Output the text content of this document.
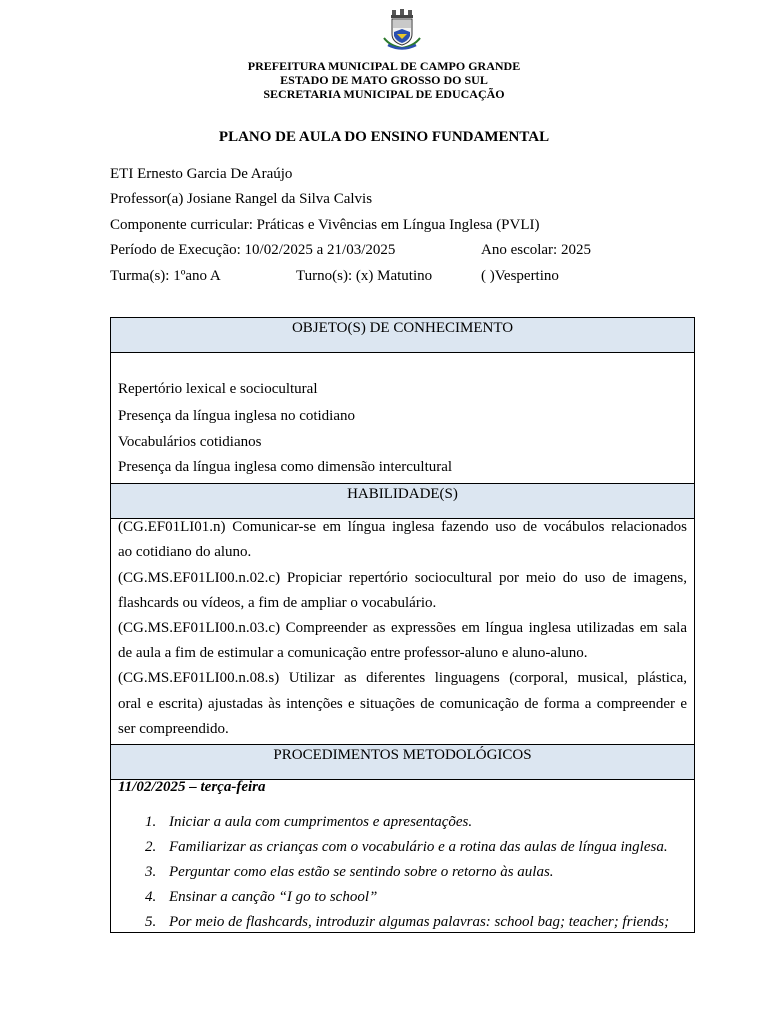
PREFEITURA MUNICIPAL DE CAMPO GRANDE
ESTADO DE MATO GROSSO DO SUL
SECRETARIA MUNICIPAL DE EDUCAÇÃO
PLANO DE AULA DO ENSINO FUNDAMENTAL
ETI Ernesto Garcia De Araújo
Professor(a) Josiane Rangel da Silva Calvis
Componente curricular: Práticas e Vivências em Língua Inglesa (PVLI)
Período de Execução: 10/02/2025 a 21/03/2025	Ano escolar: 2025
Turma(s): 1ºano A	Turno(s): (x) Matutino	( )Vespertino
OBJETO(S) DE CONHECIMENTO
Repertório lexical e sociocultural
Presença da língua inglesa no cotidiano
Vocabulários cotidianos
Presença da língua inglesa como dimensão intercultural
HABILIDADE(S)
(CG.EF01LI01.n) Comunicar-se em língua inglesa fazendo uso de vocábulos relacionados
ao cotidiano do aluno.
(CG.MS.EF01LI00.n.02.c) Propiciar repertório sociocultural por meio do uso de imagens,
flashcards ou vídeos, a fim de ampliar o vocabulário.
(CG.MS.EF01LI00.n.03.c) Compreender as expressões em língua inglesa utilizadas em sala
de aula a fim de estimular a comunicação entre professor-aluno e aluno-aluno.
(CG.MS.EF01LI00.n.08.s) Utilizar as diferentes linguagens (corporal, musical, plástica,
oral e escrita) ajustadas às intenções e situações de comunicação de forma a compreender e
ser compreendido.
PROCEDIMENTOS METODOLÓGICOS
11/02/2025 – terça-feira
1. Iniciar a aula com cumprimentos e apresentações.
2. Familiarizar as crianças com o vocabulário e a rotina das aulas de língua inglesa.
3. Perguntar como elas estão se sentindo sobre o retorno às aulas.
4. Ensinar a canção “I go to school”
5. Por meio de flashcards, introduzir algumas palavras: school bag; teacher; friends;
